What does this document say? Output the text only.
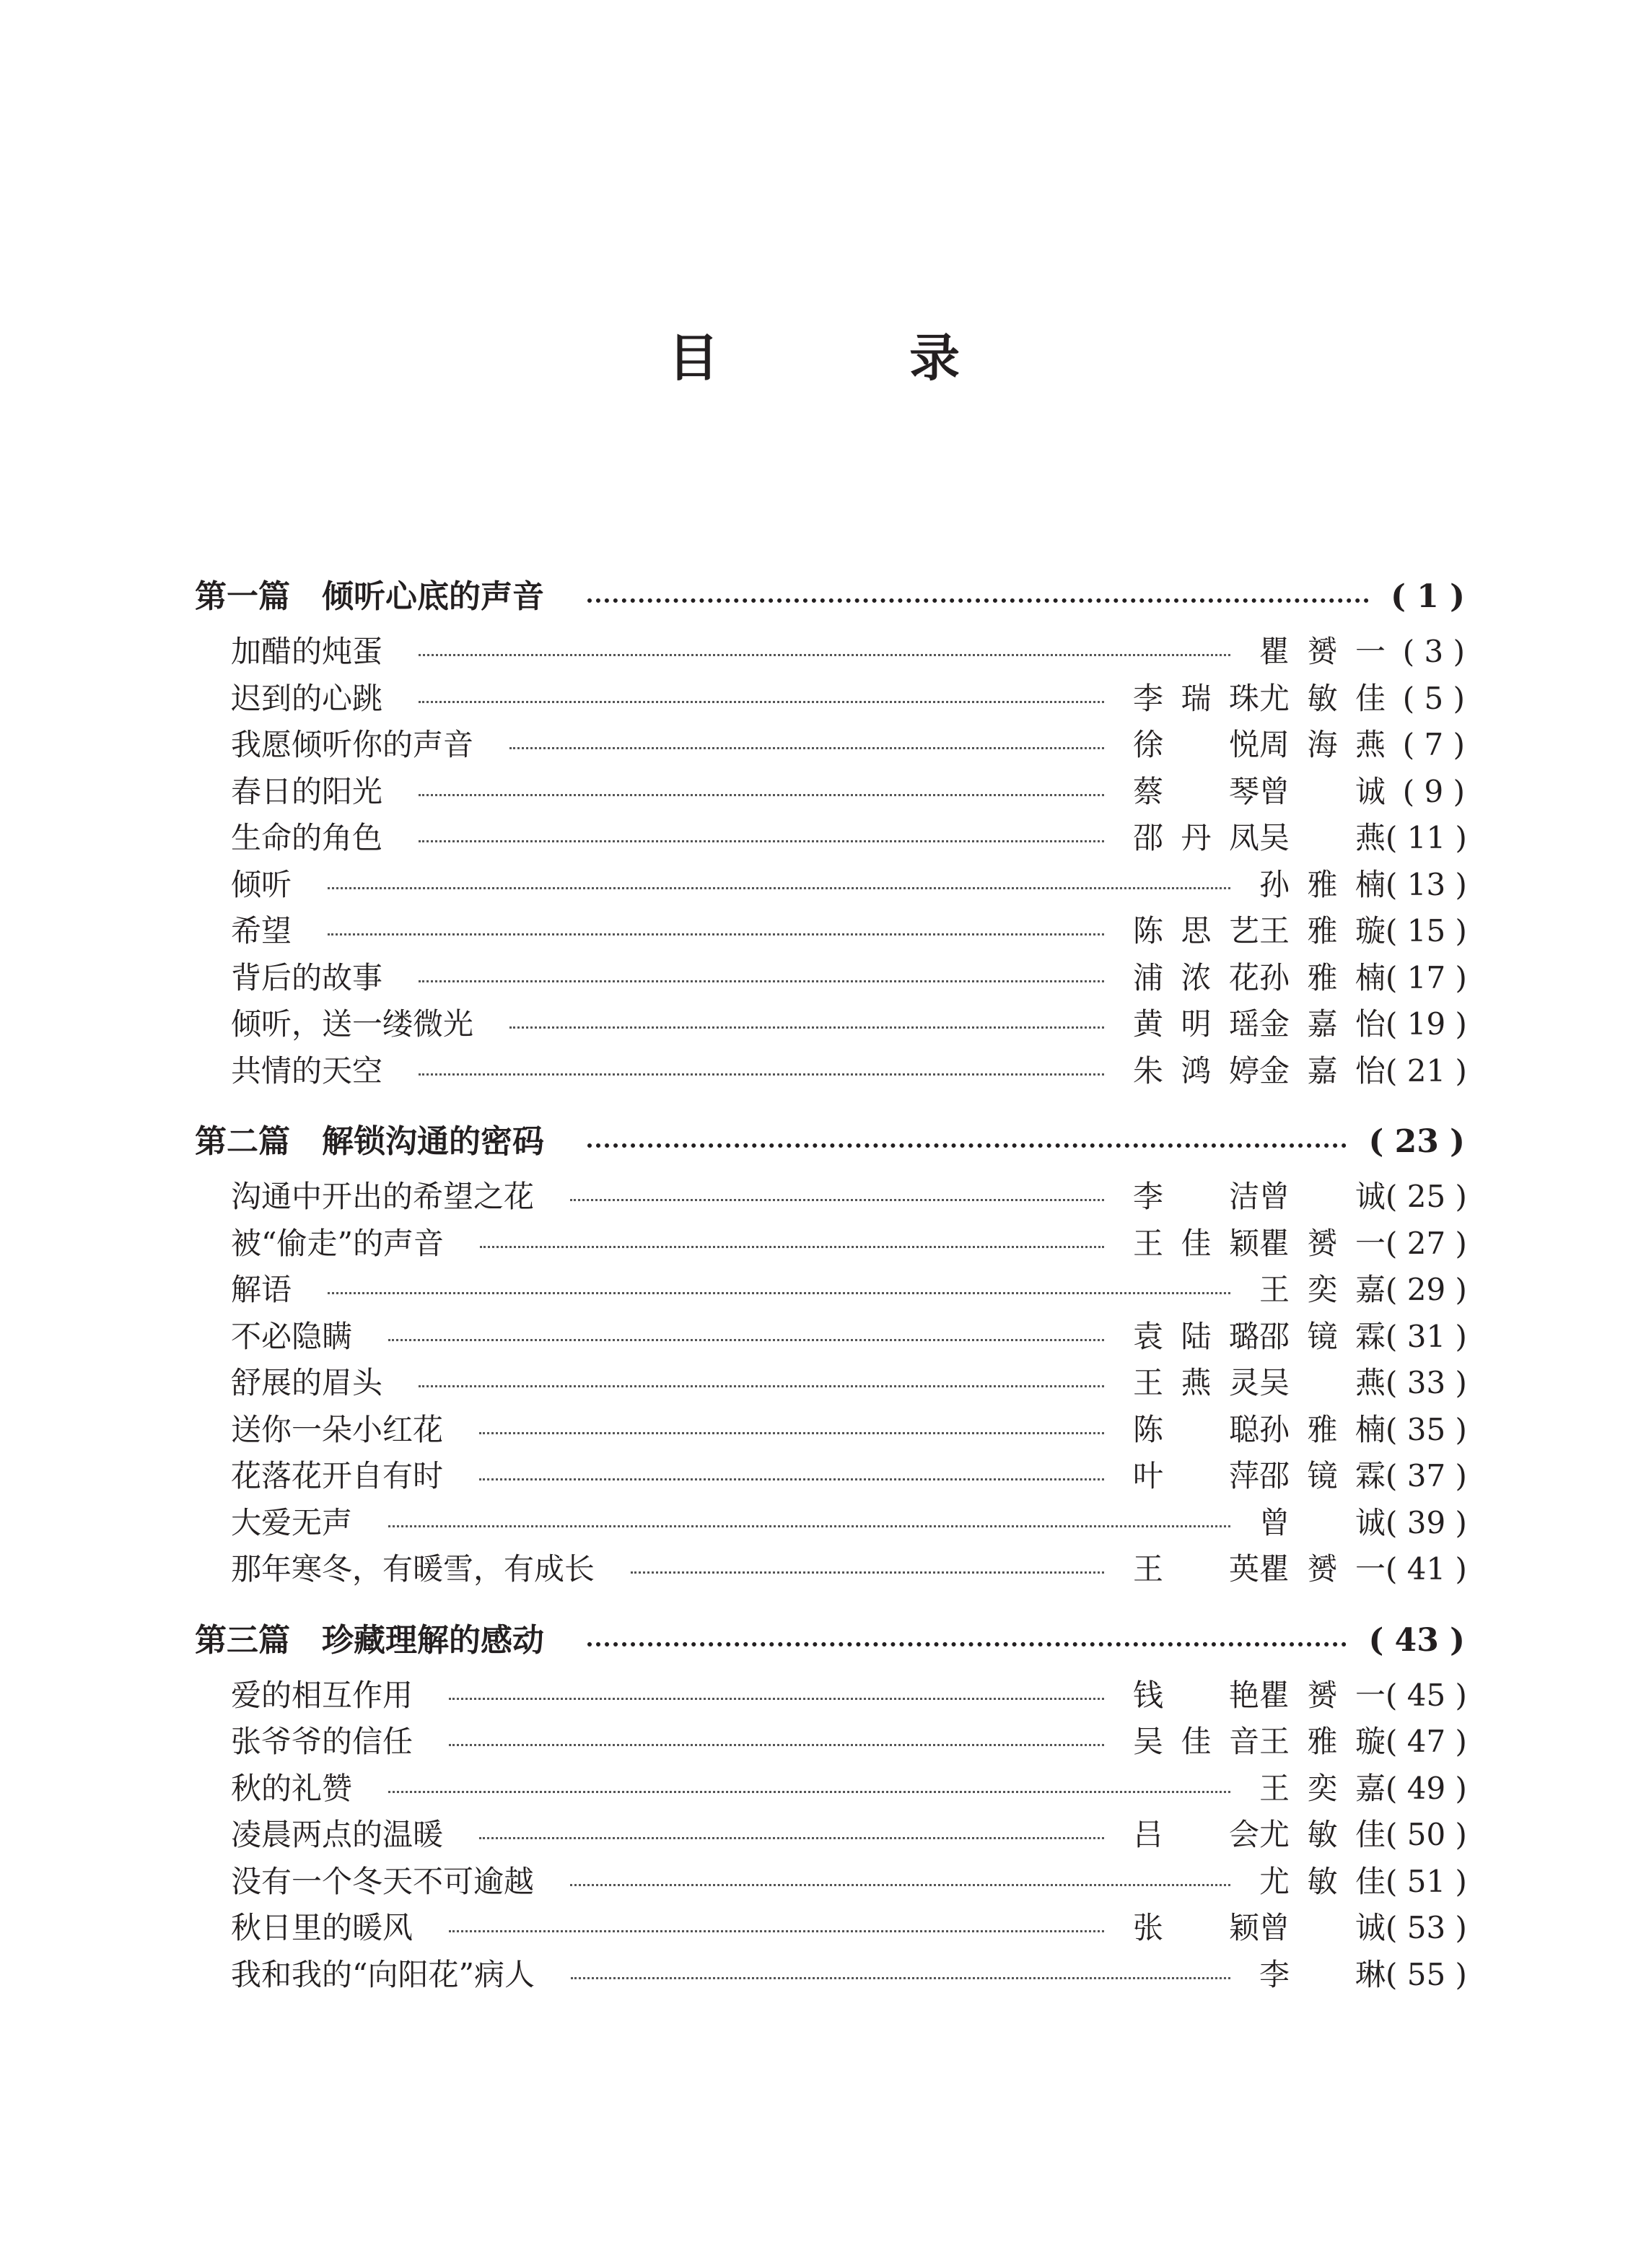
目 录
第一篇　倾听心底的声音	( 1 )
加醋的炖蛋	瞿赟一 ( 3 )
迟到的心跳	李瑞珠 尤敏佳 ( 5 )
我愿倾听你的声音	徐　悦 周海燕 ( 7 )
春日的阳光	蔡　琴 曾　诚 ( 9 )
生命的角色	邵丹凤 吴　燕 ( 11 )
倾听	孙雅楠 ( 13 )
希望	陈思艺 王雅璇 ( 15 )
背后的故事	浦浓花 孙雅楠 ( 17 )
倾听，送一缕微光	黄明瑶 金嘉怡 ( 19 )
共情的天空	朱鸿婷 金嘉怡 ( 21 )
第二篇　解锁沟通的密码	( 23 )
沟通中开出的希望之花	李　洁 曾　诚 ( 25 )
被“偷走”的声音	王佳颖 瞿赟一 ( 27 )
解语	王奕嘉 ( 29 )
不必隐瞒	袁陆璐 邵镜霖 ( 31 )
舒展的眉头	王燕灵 吴　燕 ( 33 )
送你一朵小红花	陈　聪 孙雅楠 ( 35 )
花落花开自有时	叶　萍 邵镜霖 ( 37 )
大爱无声	曾　诚 ( 39 )
那年寒冬，有暖雪，有成长	王　英 瞿赟一 ( 41 )
第三篇　珍藏理解的感动	( 43 )
爱的相互作用	钱　艳 瞿赟一 ( 45 )
张爷爷的信任	吴佳音 王雅璇 ( 47 )
秋的礼赞	王奕嘉 ( 49 )
凌晨两点的温暖	吕　会 尤敏佳 ( 50 )
没有一个冬天不可逾越	尤敏佳 ( 51 )
秋日里的暖风	张　颖 曾　诚 ( 53 )
我和我的“向阳花”病人	李　琳 ( 55 )
